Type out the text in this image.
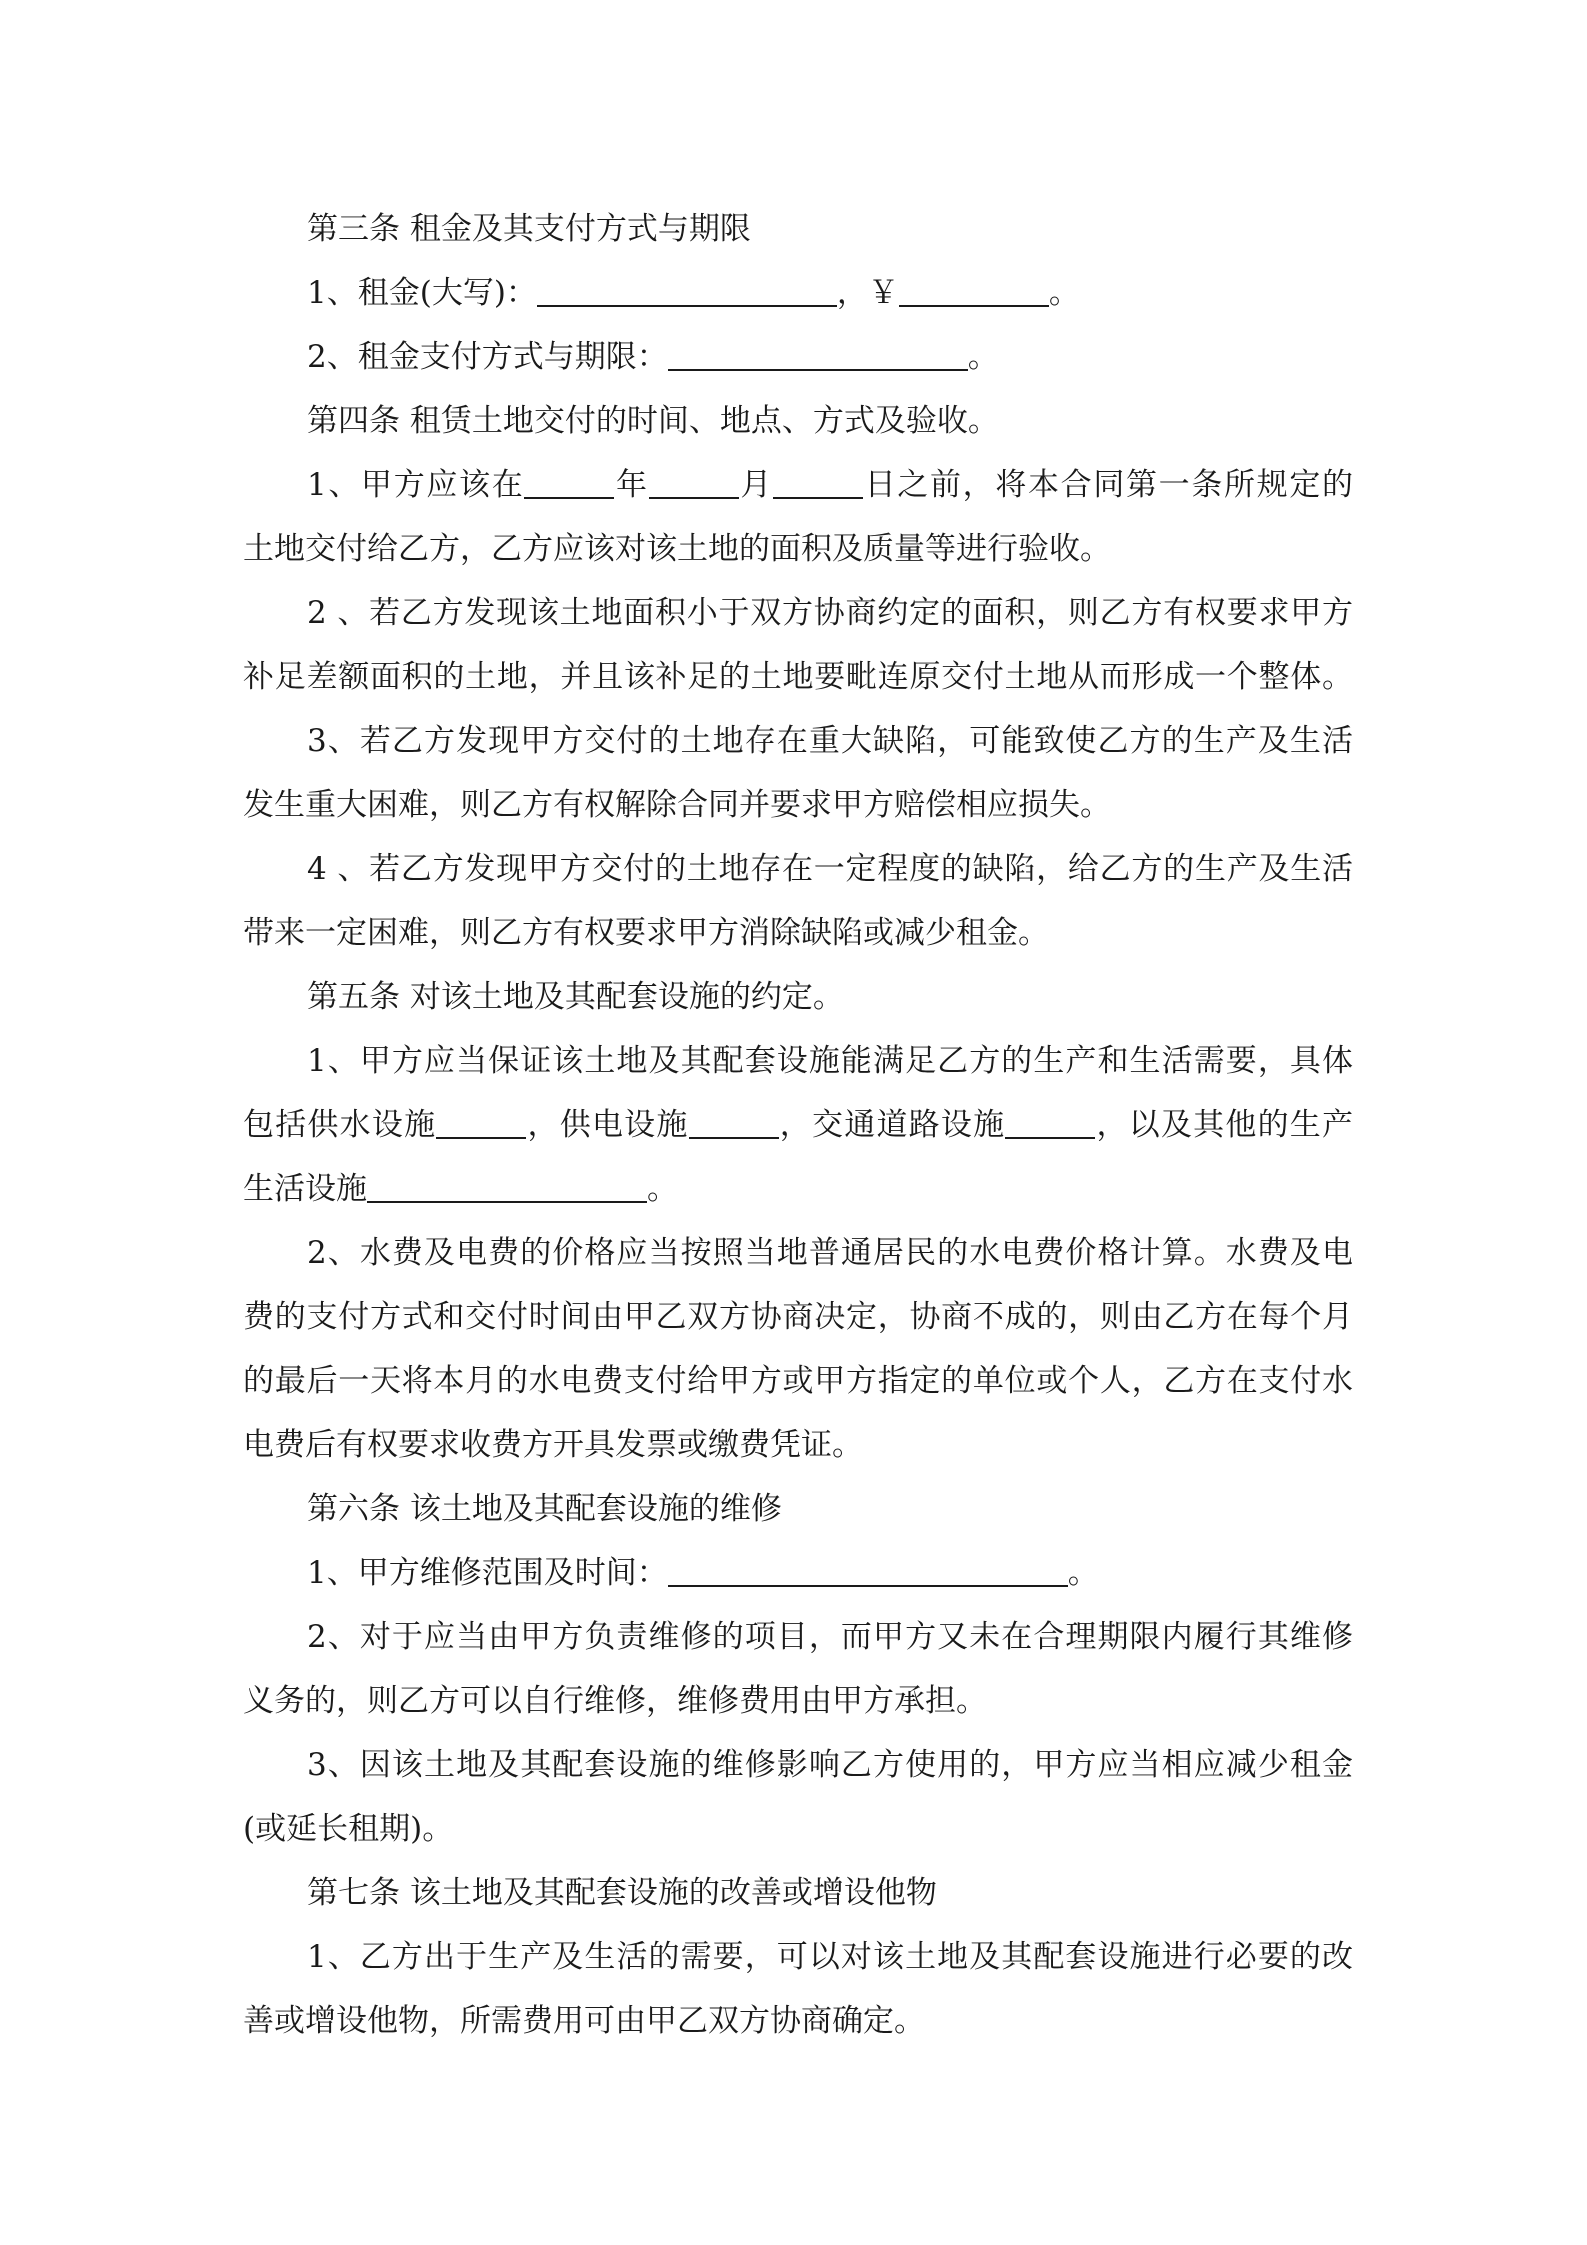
第三条 租金及其支付方式与期限
1、租金(大写)：	，￥	。
2、租金支付方式与期限：	。
第四条 租赁土地交付的时间、地点、方式及验收。
1、甲方应该在	年	月	日之前，将本合同第一条所规定的
土地交付给乙方，乙方应该对该土地的面积及质量等进行验收。
2 、若乙方发现该土地面积小于双方协商约定的面积，则乙方有权要求甲方
补足差额面积的土地，并且该补足的土地要毗连原交付土地从而形成一个整体。
3、若乙方发现甲方交付的土地存在重大缺陷，可能致使乙方的生产及生活
发生重大困难，则乙方有权解除合同并要求甲方赔偿相应损失。
4 、若乙方发现甲方交付的土地存在一定程度的缺陷，给乙方的生产及生活
带来一定困难，则乙方有权要求甲方消除缺陷或减少租金。
第五条 对该土地及其配套设施的约定。
1、甲方应当保证该土地及其配套设施能满足乙方的生产和生活需要，具体
包括供水设施	，供电设施	，交通道路设施	，以及其他的生产
生活设施	。
2、水费及电费的价格应当按照当地普通居民的水电费价格计算。水费及电
费的支付方式和交付时间由甲乙双方协商决定，协商不成的，则由乙方在每个月
的最后一天将本月的水电费支付给甲方或甲方指定的单位或个人，乙方在支付水
电费后有权要求收费方开具发票或缴费凭证。
第六条 该土地及其配套设施的维修
1、甲方维修范围及时间：	。
2、对于应当由甲方负责维修的项目，而甲方又未在合理期限内履行其维修
义务的，则乙方可以自行维修，维修费用由甲方承担。
3、因该土地及其配套设施的维修影响乙方使用的，甲方应当相应减少租金
(或延长租期)。
第七条 该土地及其配套设施的改善或增设他物
1、乙方出于生产及生活的需要，可以对该土地及其配套设施进行必要的改
善或增设他物，所需费用可由甲乙双方协商确定。
